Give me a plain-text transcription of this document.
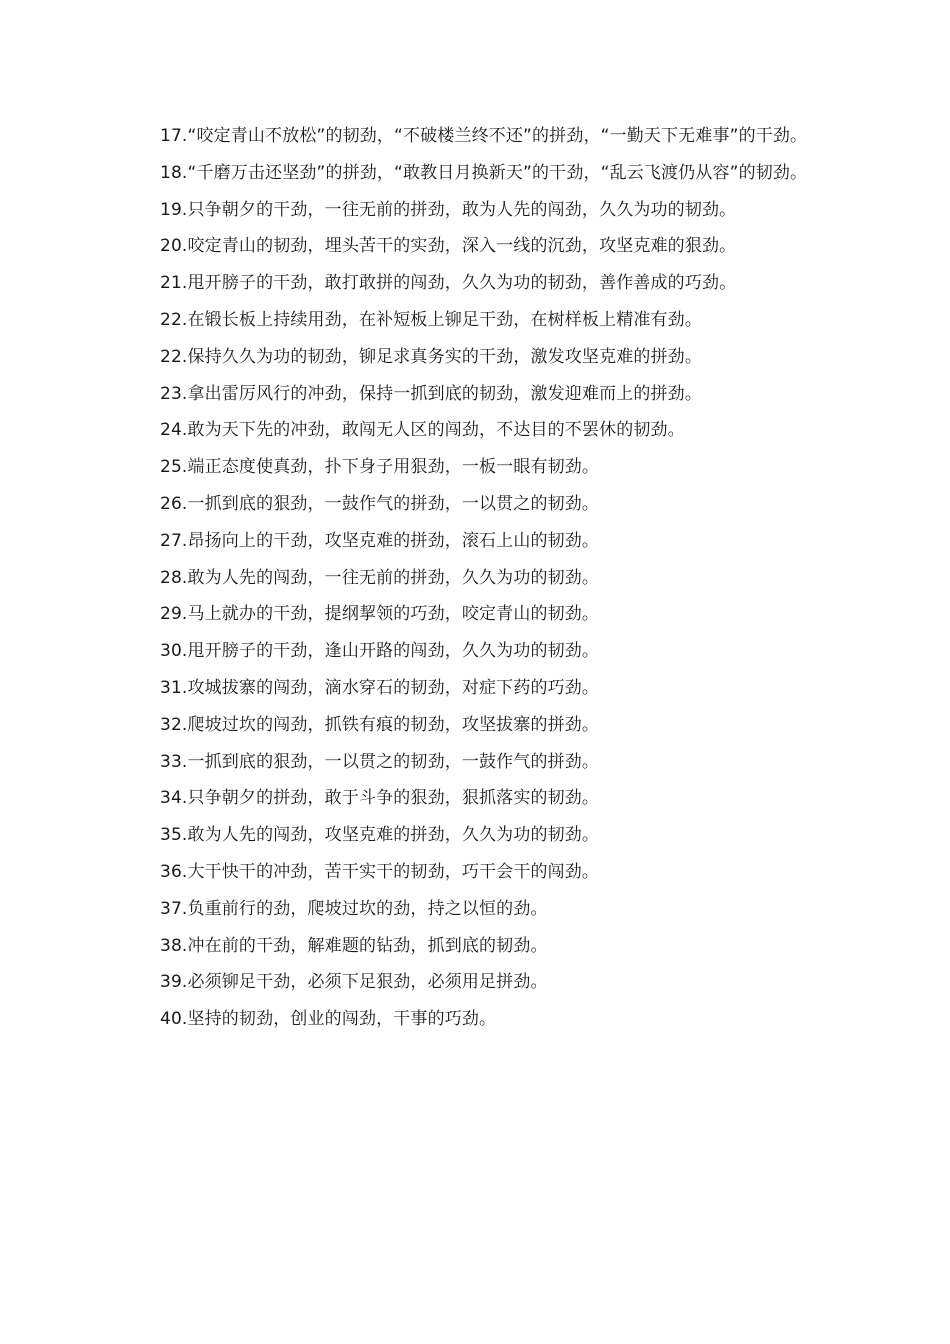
17.“咬定青山不放松”的韧劲，“不破楼兰终不还”的拼劲，“一勤天下无难事”的干劲。

18.“千磨万击还坚劲”的拼劲，“敢教日月换新天”的干劲，“乱云飞渡仍从容”的韧劲。

19.只争朝夕的干劲，一往无前的拼劲，敢为人先的闯劲，久久为功的韧劲。

20.咬定青山的韧劲，埋头苦干的实劲，深入一线的沉劲，攻坚克难的狠劲。

21.甩开膀子的干劲，敢打敢拼的闯劲，久久为功的韧劲，善作善成的巧劲。

22.在锻长板上持续用劲，在补短板上铆足干劲，在树样板上精准有劲。

22.保持久久为功的韧劲，铆足求真务实的干劲，激发攻坚克难的拼劲。

23.拿出雷厉风行的冲劲，保持一抓到底的韧劲，激发迎难而上的拼劲。

24.敢为天下先的冲劲，敢闯无人区的闯劲，不达目的不罢休的韧劲。

25.端正态度使真劲，扑下身子用狠劲，一板一眼有韧劲。

26.一抓到底的狠劲，一鼓作气的拼劲，一以贯之的韧劲。

27.昂扬向上的干劲，攻坚克难的拼劲，滚石上山的韧劲。

28.敢为人先的闯劲，一往无前的拼劲，久久为功的韧劲。

29.马上就办的干劲，提纲挈领的巧劲，咬定青山的韧劲。

30.甩开膀子的干劲，逢山开路的闯劲，久久为功的韧劲。

31.攻城拔寨的闯劲，滴水穿石的韧劲，对症下药的巧劲。

32.爬坡过坎的闯劲，抓铁有痕的韧劲，攻坚拔寨的拼劲。

33.一抓到底的狠劲，一以贯之的韧劲，一鼓作气的拼劲。

34.只争朝夕的拼劲，敢于斗争的狠劲，狠抓落实的韧劲。

35.敢为人先的闯劲，攻坚克难的拼劲，久久为功的韧劲。

36.大干快干的冲劲，苦干实干的韧劲，巧干会干的闯劲。

37.负重前行的劲，爬坡过坎的劲，持之以恒的劲。

38.冲在前的干劲，解难题的钻劲，抓到底的韧劲。

39.必须铆足干劲，必须下足狠劲，必须用足拼劲。

40.坚持的韧劲，创业的闯劲，干事的巧劲。
